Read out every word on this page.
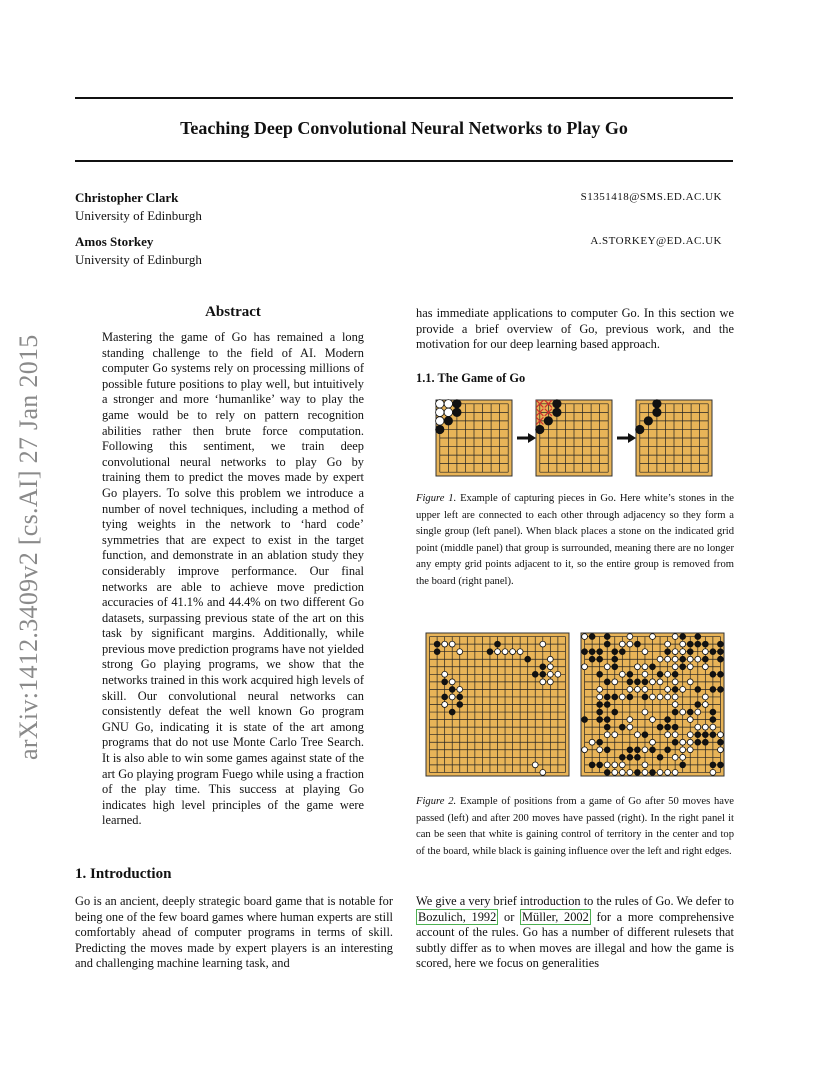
Teaching Deep Convolutional Neural Networks to Play Go
Christopher Clark
University of Edinburgh
S1351418@SMS.ED.AC.UK
Amos Storkey
University of Edinburgh
A.STORKEY@ED.AC.UK
arXiv:1412.3409v2 [cs.AI] 27 Jan 2015
Abstract
Mastering the game of Go has remained a long standing challenge to the field of AI. Modern computer Go systems rely on processing millions of possible future positions to play well, but intuitively a stronger and more ‘humanlike’ way to play the game would be to rely on pattern recognition abilities rather then brute force computation. Following this sentiment, we train deep convolutional neural networks to play Go by training them to predict the moves made by expert Go players. To solve this problem we introduce a number of novel techniques, including a method of tying weights in the network to ‘hard code’ symmetries that are expect to exist in the target function, and demonstrate in an ablation study they considerably improve performance. Our final networks are able to achieve move prediction accuracies of 41.1% and 44.4% on two different Go datasets, surpassing previous state of the art on this task by significant margins. Additionally, while previous move prediction programs have not yielded strong Go playing programs, we show that the networks trained in this work acquired high levels of skill. Our convolutional neural networks can consistently defeat the well known Go program GNU Go, indicating it is state of the art among programs that do not use Monte Carlo Tree Search. It is also able to win some games against state of the art Go playing program Fuego while using a fraction of the play time. This success at playing Go indicates high level principles of the game were learned.
1. Introduction
Go is an ancient, deeply strategic board game that is notable for being one of the few board games where human experts are still comfortably ahead of computer programs in terms of skill. Predicting the moves made by expert players is an interesting and challenging machine learning task, and
has immediate applications to computer Go. In this section we provide a brief overview of Go, previous work, and the motivation for our deep learning based approach.
1.1. The Game of Go
Figure 1. Example of capturing pieces in Go. Here white’s stones in the upper left are connected to each other through adjacency so they form a single group (left panel). When black places a stone on the indicated grid point (middle panel) that group is surrounded, meaning there are no longer any empty grid points adjacent to it, so the entire group is removed from the board (right panel).
Figure 2. Example of positions from a game of Go after 50 moves have passed (left) and after 200 moves have passed (right). In the right panel it can be seen that white is gaining control of territory in the center and top of the board, while black is gaining influence over the left and right edges.
We give a very brief introduction to the rules of Go. We defer to Bozulich, 1992 or Müller, 2002 for a more comprehensive account of the rules. Go has a number of different rulesets that subtly differ as to when moves are illegal and how the game is scored, here we focus on generalities
